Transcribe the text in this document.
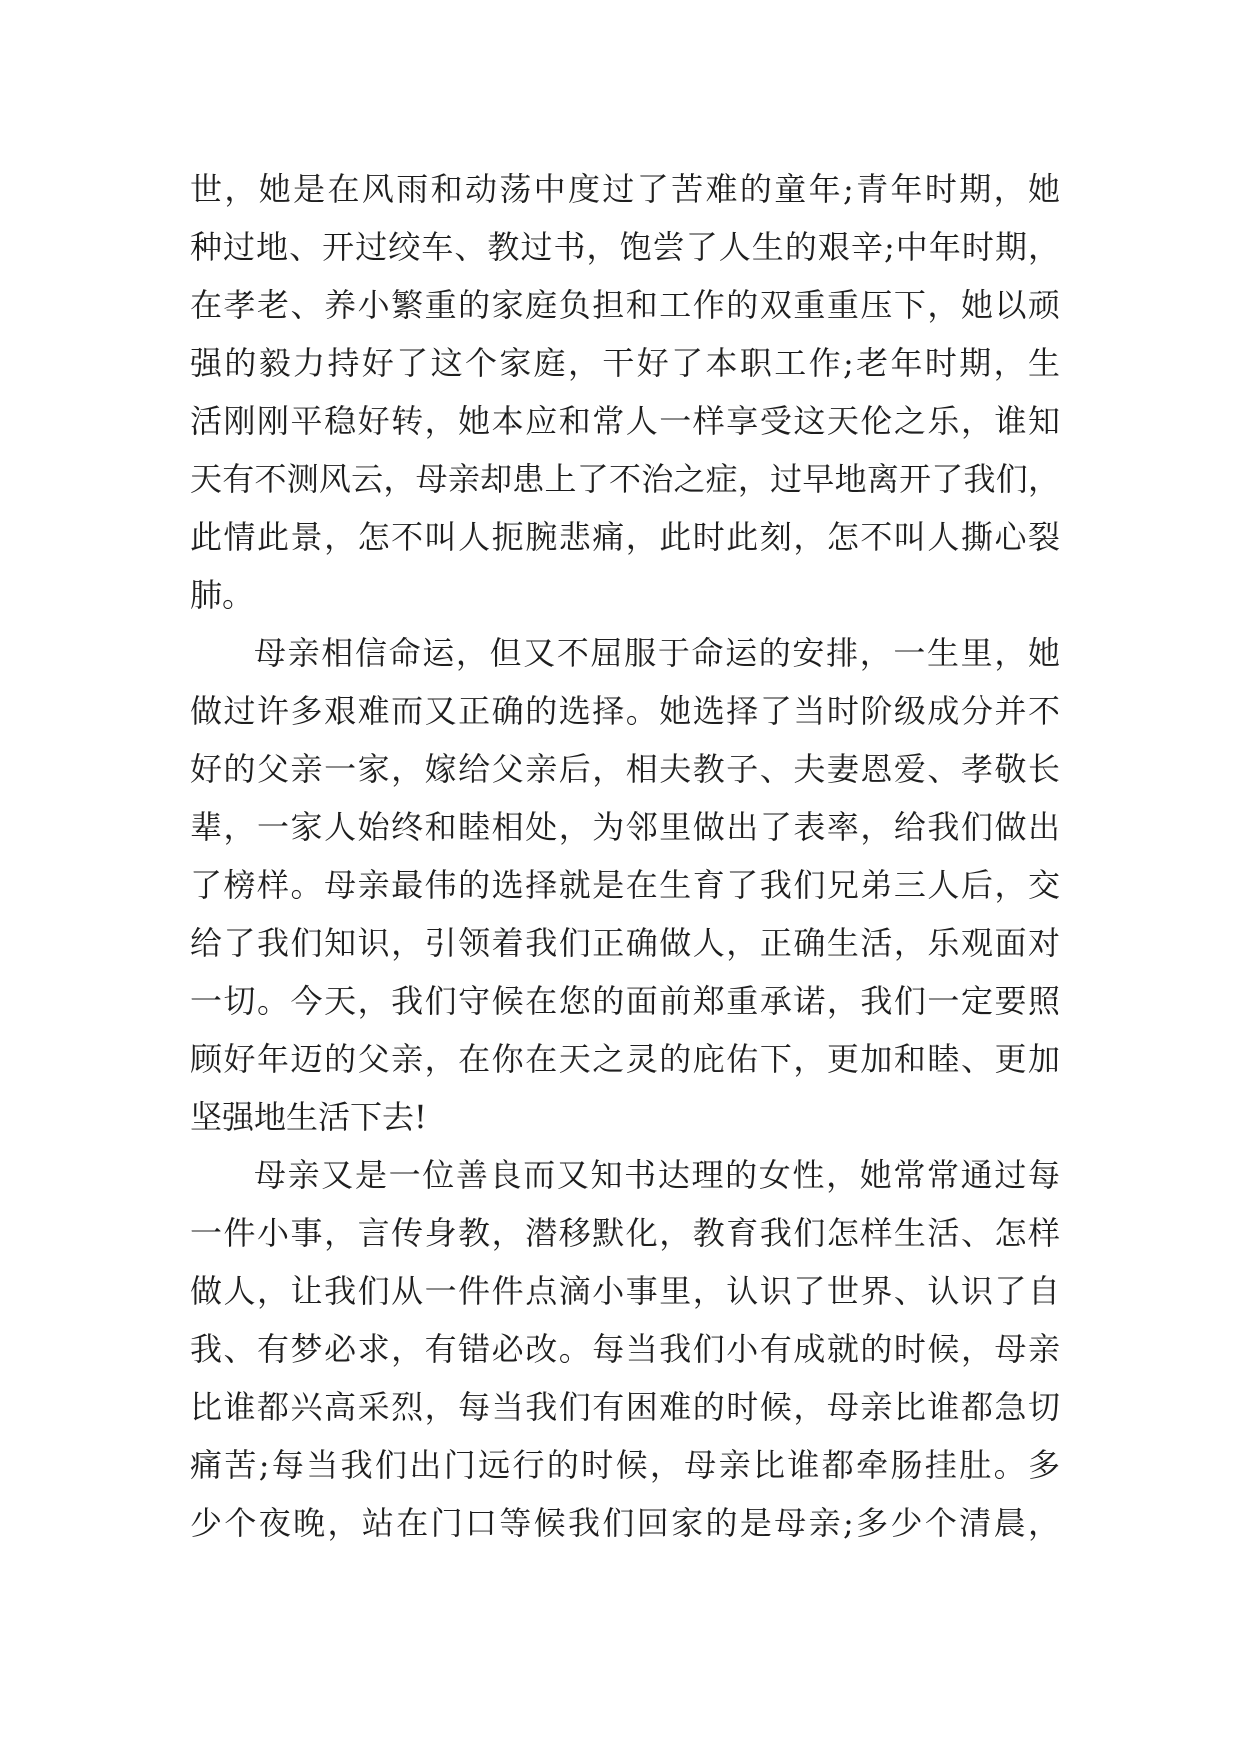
世，她是在风雨和动荡中度过了苦难的童年;青年时期，她
种过地、开过绞车、教过书，饱尝了人生的艰辛;中年时期，
在孝老、养小繁重的家庭负担和工作的双重重压下，她以顽
强的毅力持好了这个家庭，干好了本职工作;老年时期，生
活刚刚平稳好转，她本应和常人一样享受这天伦之乐，谁知
天有不测风云，母亲却患上了不治之症，过早地离开了我们，
此情此景，怎不叫人扼腕悲痛，此时此刻，怎不叫人撕心裂
肺。
母亲相信命运，但又不屈服于命运的安排，一生里，她
做过许多艰难而又正确的选择。她选择了当时阶级成分并不
好的父亲一家，嫁给父亲后，相夫教子、夫妻恩爱、孝敬长
辈，一家人始终和睦相处，为邻里做出了表率，给我们做出
了榜样。母亲最伟的选择就是在生育了我们兄弟三人后，交
给了我们知识，引领着我们正确做人，正确生活，乐观面对
一切。今天，我们守候在您的面前郑重承诺，我们一定要照
顾好年迈的父亲，在你在天之灵的庇佑下，更加和睦、更加
坚强地生活下去!
母亲又是一位善良而又知书达理的女性，她常常通过每
一件小事，言传身教，潜移默化，教育我们怎样生活、怎样
做人，让我们从一件件点滴小事里，认识了世界、认识了自
我、有梦必求，有错必改。每当我们小有成就的时候，母亲
比谁都兴高采烈，每当我们有困难的时候，母亲比谁都急切
痛苦;每当我们出门远行的时候，母亲比谁都牵肠挂肚。多
少个夜晚，站在门口等候我们回家的是母亲;多少个清晨，
